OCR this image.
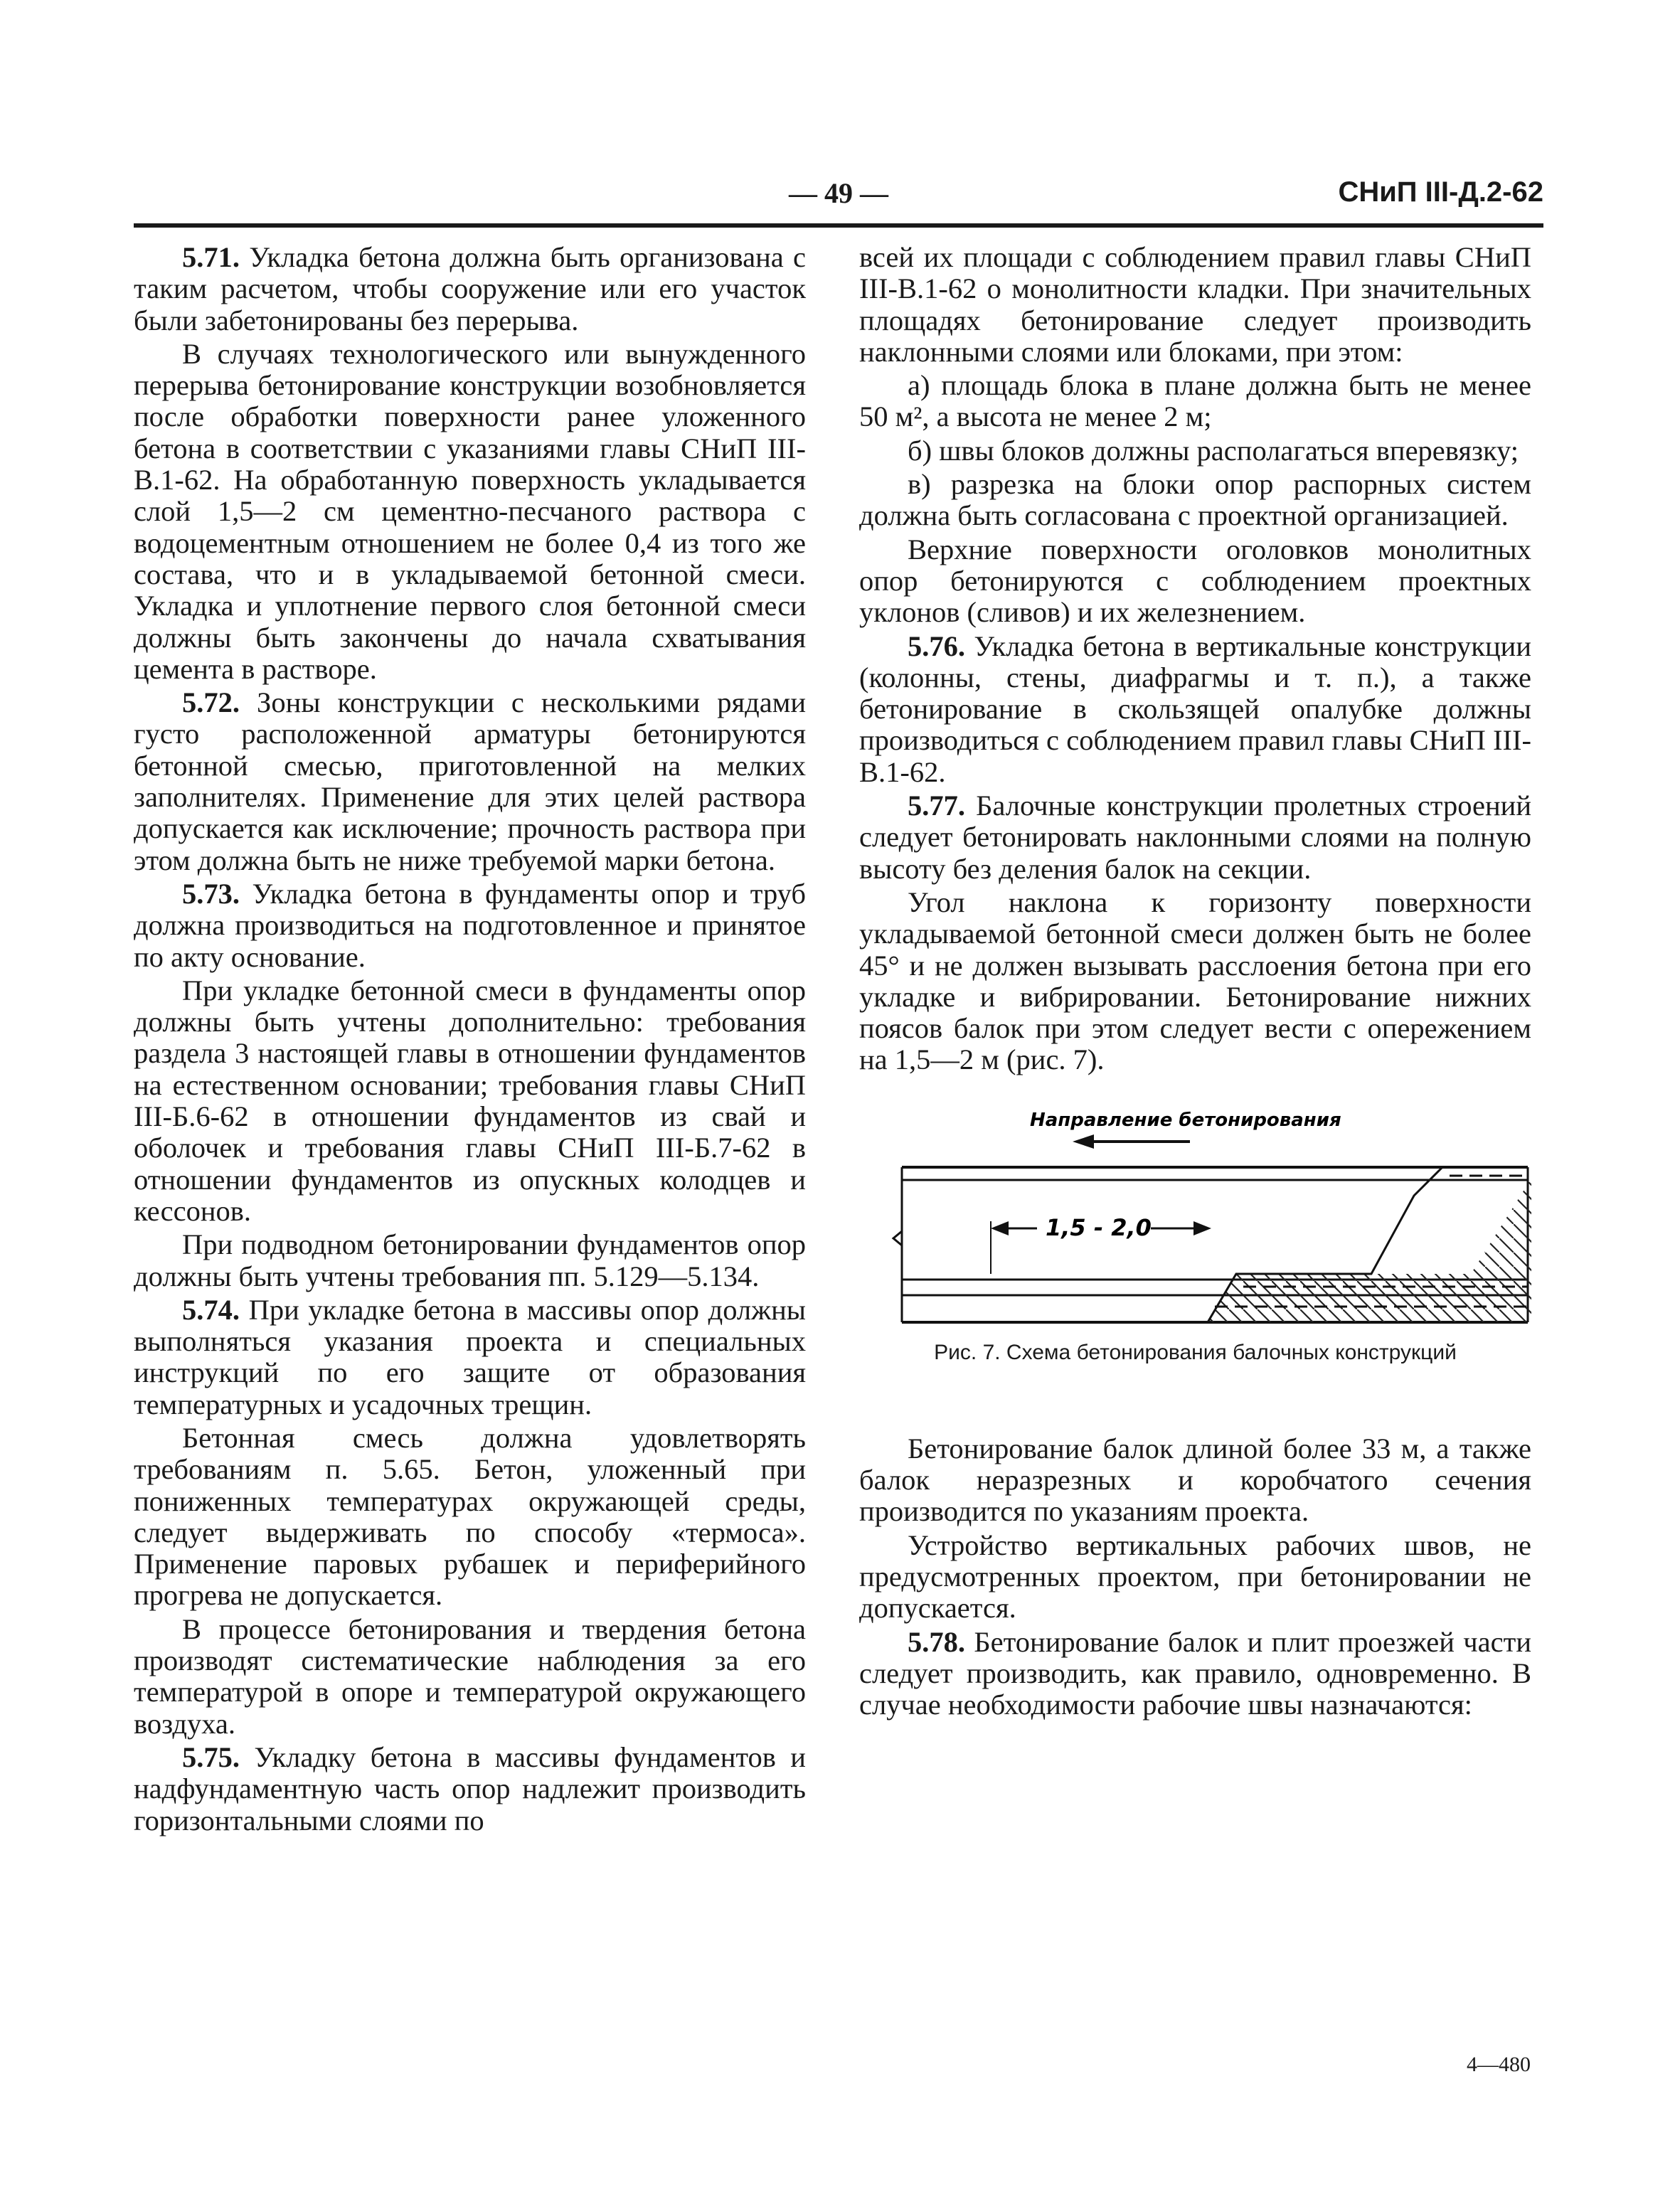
— 49 —	СНиП III-Д.2-62

5.71. Укладка бетона должна быть организована с таким расчетом, чтобы сооружение или его участок были забетонированы без перерыва.

В случаях технологического или вынужденного перерыва бетонирование конструкции возобновляется после обработки поверхности ранее уложенного бетона в соответствии с указаниями главы СНиП III-В.1-62. На обработанную поверхность укладывается слой 1,5—2 см цементно-песчаного раствора с водоцементным отношением не более 0,4 из того же состава, что и в укладываемой бетонной смеси. Укладка и уплотнение первого слоя бетонной смеси должны быть закончены до начала схватывания цемента в растворе.

5.72. Зоны конструкции с несколькими рядами густо расположенной арматуры бетонируются бетонной смесью, приготовленной на мелких заполнителях. Применение для этих целей раствора допускается как исключение; прочность раствора при этом должна быть не ниже требуемой марки бетона.

5.73. Укладка бетона в фундаменты опор и труб должна производиться на подготовленное и принятое по акту основание.

При укладке бетонной смеси в фундаменты опор должны быть учтены дополнительно: требования раздела 3 настоящей главы в отношении фундаментов на естественном основании; требования главы СНиП III-Б.6-62 в отношении фундаментов из свай и оболочек и требования главы СНиП III-Б.7-62 в отношении фундаментов из опускных колодцев и кессонов.

При подводном бетонировании фундаментов опор должны быть учтены требования пп. 5.129—5.134.

5.74. При укладке бетона в массивы опор должны выполняться указания проекта и специальных инструкций по его защите от образования температурных и усадочных трещин.

Бетонная смесь должна удовлетворять требованиям п. 5.65. Бетон, уложенный при пониженных температурах окружающей среды, следует выдерживать по способу «термоса». Применение паровых рубашек и периферийного прогрева не допускается.

В процессе бетонирования и твердения бетона производят систематические наблюдения за его температурой в опоре и температурой окружающего воздуха.

5.75. Укладку бетона в массивы фундаментов и надфундаментную часть опор надлежит производить горизонтальными слоями по

всей их площади с соблюдением правил главы СНиП III-В.1-62 о монолитности кладки. При значительных площадях бетонирование следует производить наклонными слоями или блоками, при этом:

а) площадь блока в плане должна быть не менее 50 м², а высота не менее 2 м;

б) швы блоков должны располагаться вперевязку;

в) разрезка на блоки опор распорных систем должна быть согласована с проектной организацией.

Верхние поверхности оголовков монолитных опор бетонируются с соблюдением проектных уклонов (сливов) и их железнением.

5.76. Укладка бетона в вертикальные конструкции (колонны, стены, диафрагмы и т. п.), а также бетонирование в скользящей опалубке должны производиться с соблюдением правил главы СНиП III-В.1-62.

5.77. Балочные конструкции пролетных строений следует бетонировать наклонными слоями на полную высоту без деления балок на секции.

Угол наклона к горизонту поверхности укладываемой бетонной смеси должен быть не более 45° и не должен вызывать расслоения бетона при его укладке и вибрировании. Бетонирование нижних поясов балок при этом следует вести с опережением на 1,5—2 м (рис. 7).

Направление бетонирования
1,5 - 2,0
Рис. 7. Схема бетонирования балочных конструкций

Бетонирование балок длиной более 33 м, а также балок неразрезных и коробчатого сечения производится по указаниям проекта.

Устройство вертикальных рабочих швов, не предусмотренных проектом, при бетонировании не допускается.

5.78. Бетонирование балок и плит проезжей части следует производить, как правило, одновременно. В случае необходимости рабочие швы назначаются:

4—480
